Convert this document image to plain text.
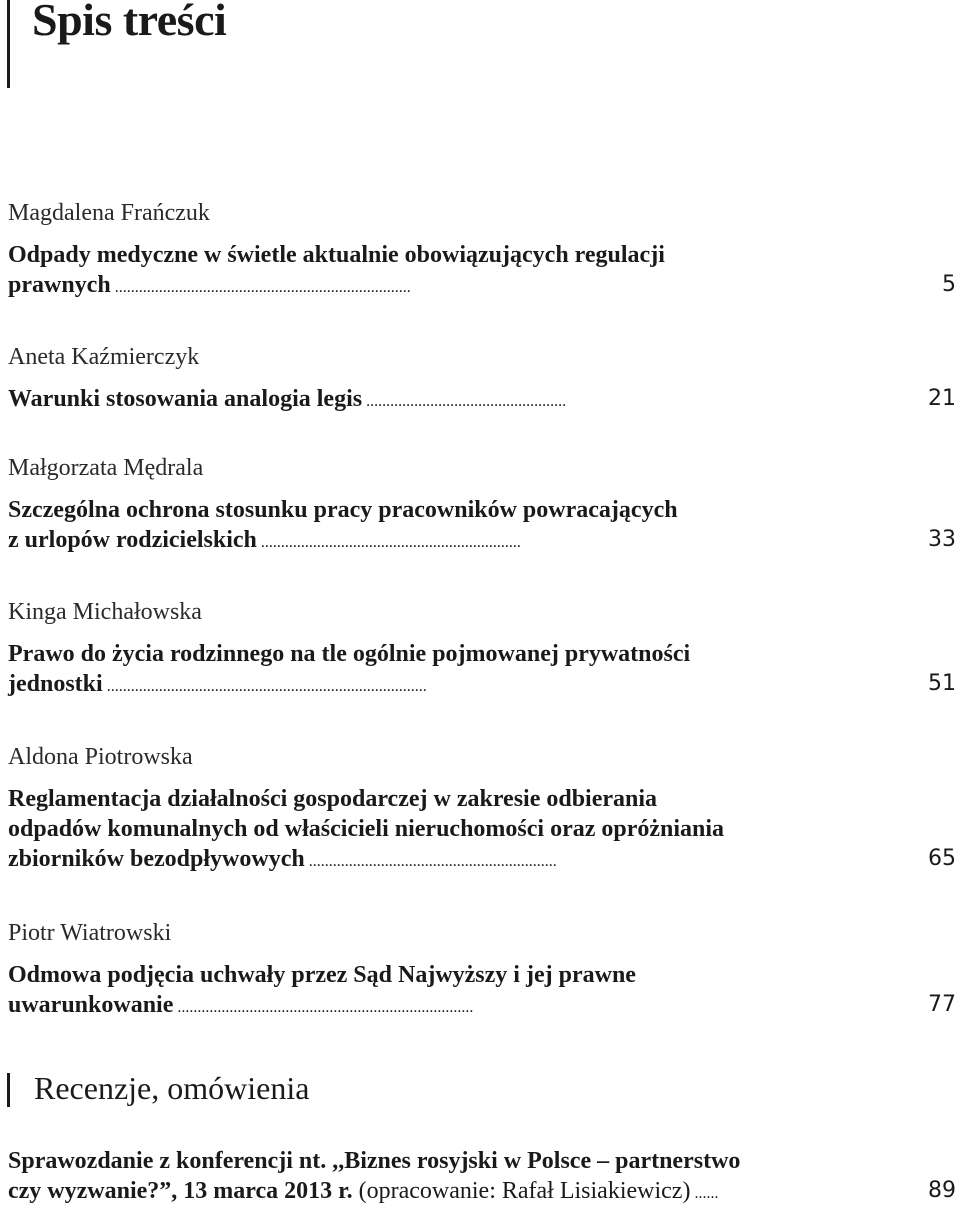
Spis treści
Magdalena Frańczuk
Odpady medyczne w świetle aktualnie obowiązujących regulacji
prawnych ..........................................................................	5
Aneta Kaźmierczyk
Warunki stosowania analogia legis ..................................................	21
Małgorzata Mędrala
Szczególna ochrona stosunku pracy pracowników powracających
z urlopów rodzicielskich .................................................................	33
Kinga Michałowska
Prawo do życia rodzinnego na tle ogólnie pojmowanej prywatności
jednostki ................................................................................	51
Aldona Piotrowska
Reglamentacja działalności gospodarczej w zakresie odbierania
odpadów komunalnych od właścicieli nieruchomości oraz opróżniania
zbiorników bezodpływowych ..............................................................	65
Piotr Wiatrowski
Odmowa podjęcia uchwały przez Sąd Najwyższy i jej prawne
uwarunkowanie ..........................................................................	77
Recenzje, omówienia
Sprawozdanie z konferencji nt. ,,Biznes rosyjski w Polsce – partnerstwo
czy wyzwanie?”, 13 marca 2013 r. (opracowanie: Rafał Lisiakiewicz) ......	89
